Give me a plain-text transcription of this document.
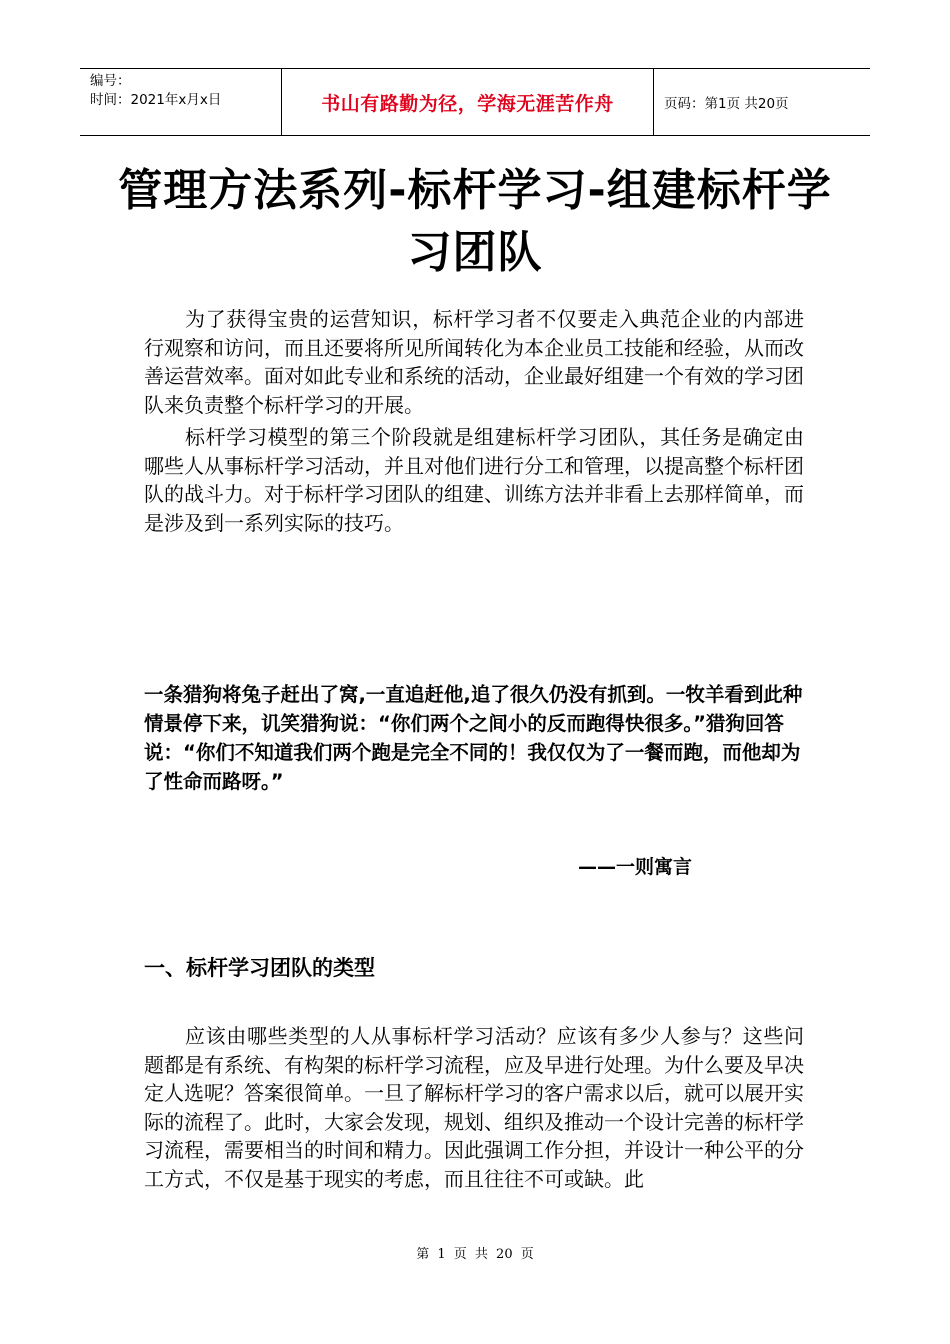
编号：
时间：2021年x月x日	书山有路勤为径，学海无涯苦作舟	页码：第1页 共20页
管理方法系列-标杆学习-组建标杆学习团队

为了获得宝贵的运营知识，标杆学习者不仅要走入典范企业的内部进行观察和访问，而且还要将所见所闻转化为本企业员工技能和经验，从而改善运营效率。面对如此专业和系统的活动，企业最好组建一个有效的学习团队来负责整个标杆学习的开展。

标杆学习模型的第三个阶段就是组建标杆学习团队，其任务是确定由哪些人从事标杆学习活动，并且对他们进行分工和管理，以提高整个标杆团队的战斗力。对于标杆学习团队的组建、训练方法并非看上去那样简单，而是涉及到一系列实际的技巧。

一条猎狗将兔子赶出了窝,一直追赶他,追了很久仍没有抓到。一牧羊看到此种情景停下来，讥笑猎狗说：“你们两个之间小的反而跑得快很多。”猎狗回答说：“你们不知道我们两个跑是完全不同的！我仅仅为了一餐而跑，而他却为了性命而路呀。”

——一则寓言
一、标杆学习团队的类型

应该由哪些类型的人从事标杆学习活动？应该有多少人参与？这些问题都是有系统、有构架的标杆学习流程，应及早进行处理。为什么要及早决定人选呢？答案很简单。一旦了解标杆学习的客户需求以后，就可以展开实际的流程了。此时，大家会发现，规划、组织及推动一个设计完善的标杆学习流程，需要相当的时间和精力。因此强调工作分担，并设计一种公平的分工方式，不仅是基于现实的考虑，而且往往不可或缺。此

第 1 页 共 20 页
